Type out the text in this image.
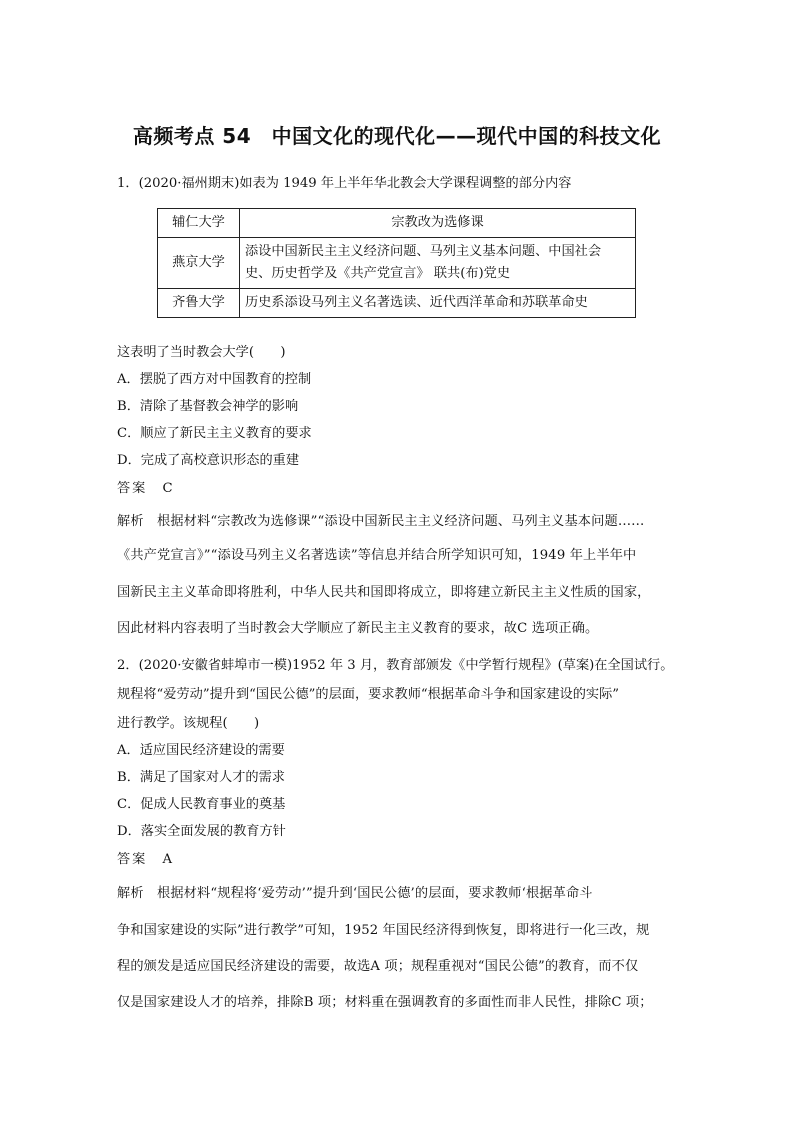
高频考点 54　中国文化的现代化——现代中国的科技文化
1．(2020·福州期末)如表为 1949 年上半年华北教会大学课程调整的部分内容
辅仁大学	宗教改为选修课
燕京大学	添设中国新民主主义经济问题、马列主义基本问题、中国社会
史、历史哲学及《共产党宣言》 联共(布)党史

齐鲁大学	历史系添设马列主义名著选读、近代西洋革命和苏联革命史
这表明了当时教会大学(　　)
A．摆脱了西方对中国教育的控制
B．清除了基督教会神学的影响
C．顺应了新民主主义教育的要求
D．完成了高校意识形态的重建
答案　C
解析　根据材料“宗教改为选修课”“添设中国新民主主义经济问题、马列主义基本问题……
《共产党宣言》”“添设马列主义名著选读”等信息并结合所学知识可知，1949 年上半年中
国新民主主义革命即将胜利，中华人民共和国即将成立，即将建立新民主主义性质的国家，
因此材料内容表明了当时教会大学顺应了新民主主义教育的要求，故C 选项正确。
2．(2020·安徽省蚌埠市一模)1952 年 3 月，教育部颁发《中学暂行规程》(草案)在全国试行。
规程将“爱劳动”提升到“国民公德”的层面，要求教师“根据革命斗争和国家建设的实际”
进行教学。该规程(　　)
A．适应国民经济建设的需要
B．满足了国家对人才的需求
C．促成人民教育事业的奠基
D．落实全面发展的教育方针
答案　A
解析　根据材料“规程将‘爱劳动’”提升到‘国民公德’的层面，要求教师‘根据革命斗
争和国家建设的实际”进行教学”可知，1952 年国民经济得到恢复，即将进行一化三改，规
程的颁发是适应国民经济建设的需要，故选A 项；规程重视对“国民公德”的教育，而不仅
仅是国家建设人才的培养，排除B 项；材料重在强调教育的多面性而非人民性，排除C 项；
